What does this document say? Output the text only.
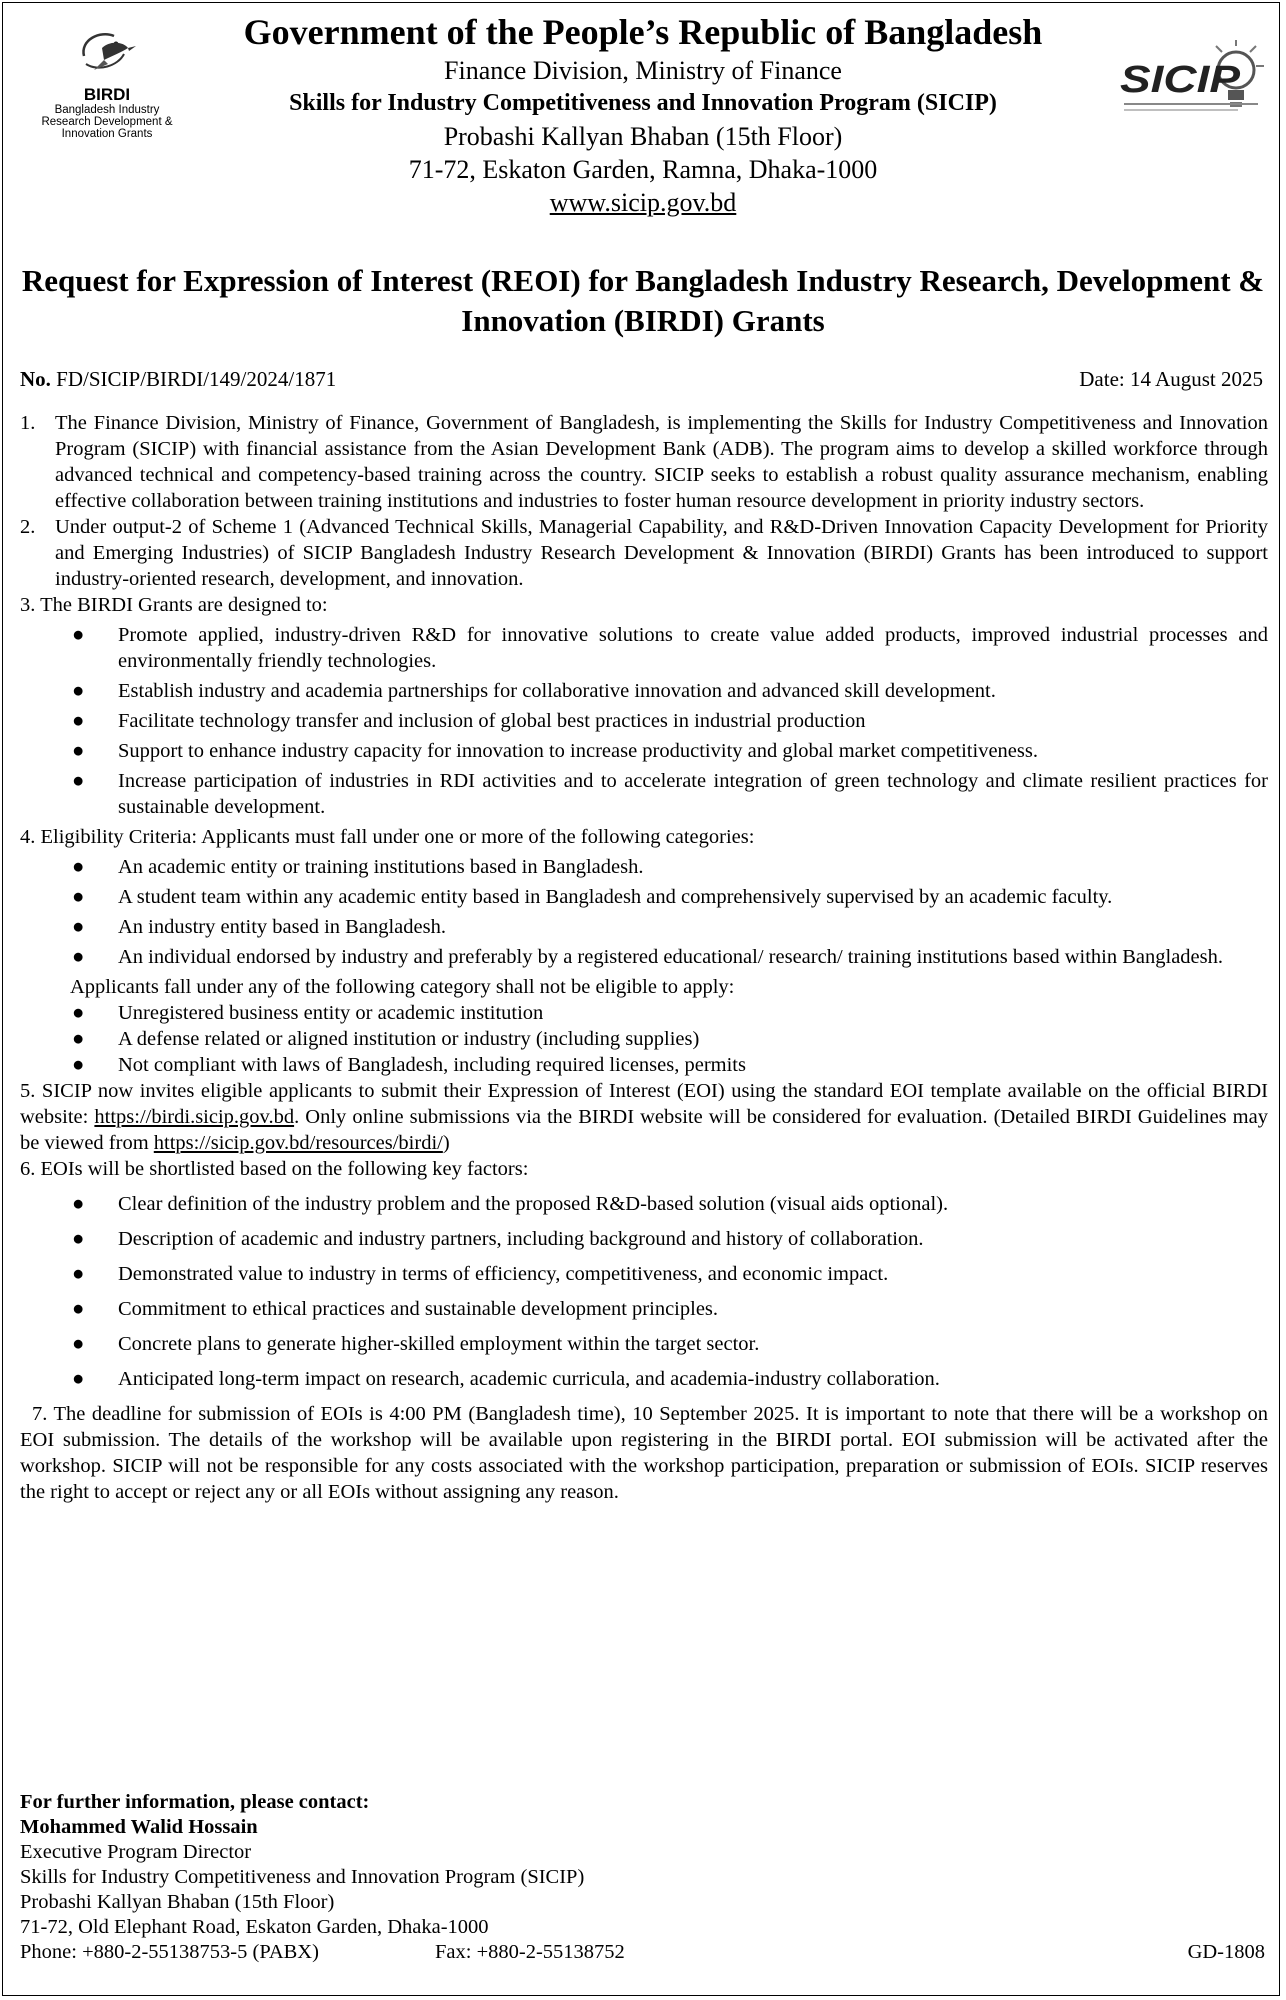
BIRDI
Bangladesh Industry Research Development & Innovation Grants
SICIP
Government of the People’s Republic of Bangladesh
Finance Division, Ministry of Finance
Skills for Industry Competitiveness and Innovation Program (SICIP)
Probashi Kallyan Bhaban (15th Floor)
71-72, Eskaton Garden, Ramna, Dhaka-1000
www.sicip.gov.bd
Request for Expression of Interest (REOI) for Bangladesh Industry Research, Development & Innovation (BIRDI) Grants
No. FD/SICIP/BIRDI/149/2024/1871	Date: 14 August 2025
1. The Finance Division, Ministry of Finance, Government of Bangladesh, is implementing the Skills for Industry Competitiveness and Innovation Program (SICIP) with financial assistance from the Asian Development Bank (ADB). The program aims to develop a skilled workforce through advanced technical and competency-based training across the country. SICIP seeks to establish a robust quality assurance mechanism, enabling effective collaboration between training institutions and industries to foster human resource development in priority industry sectors.
2. Under output-2 of Scheme 1 (Advanced Technical Skills, Managerial Capability, and R&D-Driven Innovation Capacity Development for Priority and Emerging Industries) of SICIP Bangladesh Industry Research Development & Innovation (BIRDI) Grants has been introduced to support industry-oriented research, development, and innovation.

3. The BIRDI Grants are designed to:

● Promote applied, industry-driven R&D for innovative solutions to create value added products, improved industrial processes and environmentally friendly technologies.
● Establish industry and academia partnerships for collaborative innovation and advanced skill development.
● Facilitate technology transfer and inclusion of global best practices in industrial production
● Support to enhance industry capacity for innovation to increase productivity and global market competitiveness.
● Increase participation of industries in RDI activities and to accelerate integration of green technology and climate resilient practices for sustainable development.

4. Eligibility Criteria: Applicants must fall under one or more of the following categories:

● An academic entity or training institutions based in Bangladesh.
● A student team within any academic entity based in Bangladesh and comprehensively supervised by an academic faculty.
● An industry entity based in Bangladesh.
● An individual endorsed by industry and preferably by a registered educational/ research/ training institutions based within Bangladesh.

Applicants fall under any of the following category shall not be eligible to apply:

● Unregistered business entity or academic institution
● A defense related or aligned institution or industry (including supplies)
● Not compliant with laws of Bangladesh, including required licenses, permits

5. SICIP now invites eligible applicants to submit their Expression of Interest (EOI) using the standard EOI template available on the official BIRDI website: https://birdi.sicip.gov.bd. Only online submissions via the BIRDI website will be considered for evaluation. (Detailed BIRDI Guidelines may be viewed from https://sicip.gov.bd/resources/birdi/)

6. EOIs will be shortlisted based on the following key factors:

● Clear definition of the industry problem and the proposed R&D-based solution (visual aids optional).
● Description of academic and industry partners, including background and history of collaboration.
● Demonstrated value to industry in terms of efficiency, competitiveness, and economic impact.
● Commitment to ethical practices and sustainable development principles.
● Concrete plans to generate higher-skilled employment within the target sector.
● Anticipated long-term impact on research, academic curricula, and academia-industry collaboration.

7. The deadline for submission of EOIs is 4:00 PM (Bangladesh time), 10 September 2025. It is important to note that there will be a workshop on EOI submission. The details of the workshop will be available upon registering in the BIRDI portal. EOI submission will be activated after the workshop. SICIP will not be responsible for any costs associated with the workshop participation, preparation or submission of EOIs. SICIP reserves the right to accept or reject any or all EOIs without assigning any reason.

For further information, please contact:
Mohammed Walid Hossain
Executive Program Director
Skills for Industry Competitiveness and Innovation Program (SICIP)
Probashi Kallyan Bhaban (15th Floor)
71-72, Old Elephant Road, Eskaton Garden, Dhaka-1000
Phone: +880-2-55138753-5 (PABX)	Fax: +880-2-55138752	GD-1808
